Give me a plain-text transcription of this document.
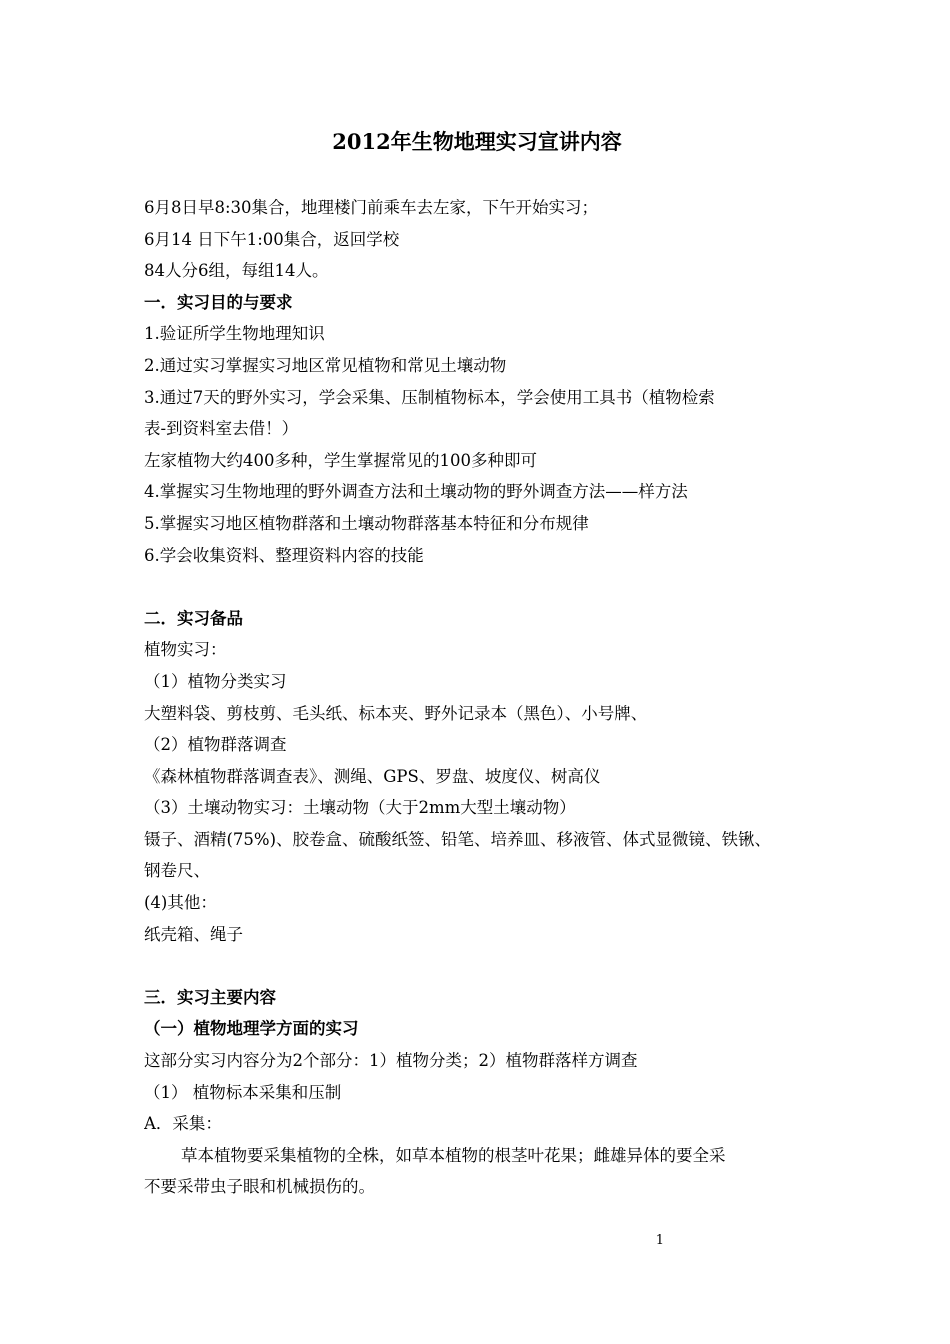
2012年生物地理实习宣讲内容
6月8日早8:30集合，地理楼门前乘车去左家，下午开始实习；
6月14 日下午1:00集合，返回学校
84人分6组，每组14人。
一．实习目的与要求
1.验证所学生物地理知识
2.通过实习掌握实习地区常见植物和常见土壤动物
3.通过7天的野外实习，学会采集、压制植物标本，学会使用工具书（植物检索
表-到资料室去借！）
左家植物大约400多种，学生掌握常见的100多种即可
4.掌握实习生物地理的野外调查方法和土壤动物的野外调查方法——样方法
5.掌握实习地区植物群落和土壤动物群落基本特征和分布规律
6.学会收集资料、整理资料内容的技能
二．实习备品
植物实习：
（1）植物分类实习
大塑料袋、剪枝剪、毛头纸、标本夹、野外记录本（黑色）、小号牌、
（2）植物群落调查
《森林植物群落调查表》、测绳、GPS、罗盘、坡度仪、树高仪
（3）土壤动物实习：土壤动物（大于2mm大型土壤动物）
镊子、酒精(75%)、胶卷盒、硫酸纸签、铅笔、培养皿、移液管、体式显微镜、铁锹、
钢卷尺、
(4)其他：
纸壳箱、绳子
三．实习主要内容
（一）植物地理学方面的实习
这部分实习内容分为2个部分：1）植物分类；2）植物群落样方调查
（1） 植物标本采集和压制
A．采集：
草本植物要采集植物的全株，如草本植物的根茎叶花果；雌雄异体的要全采
不要采带虫子眼和机械损伤的。
1
